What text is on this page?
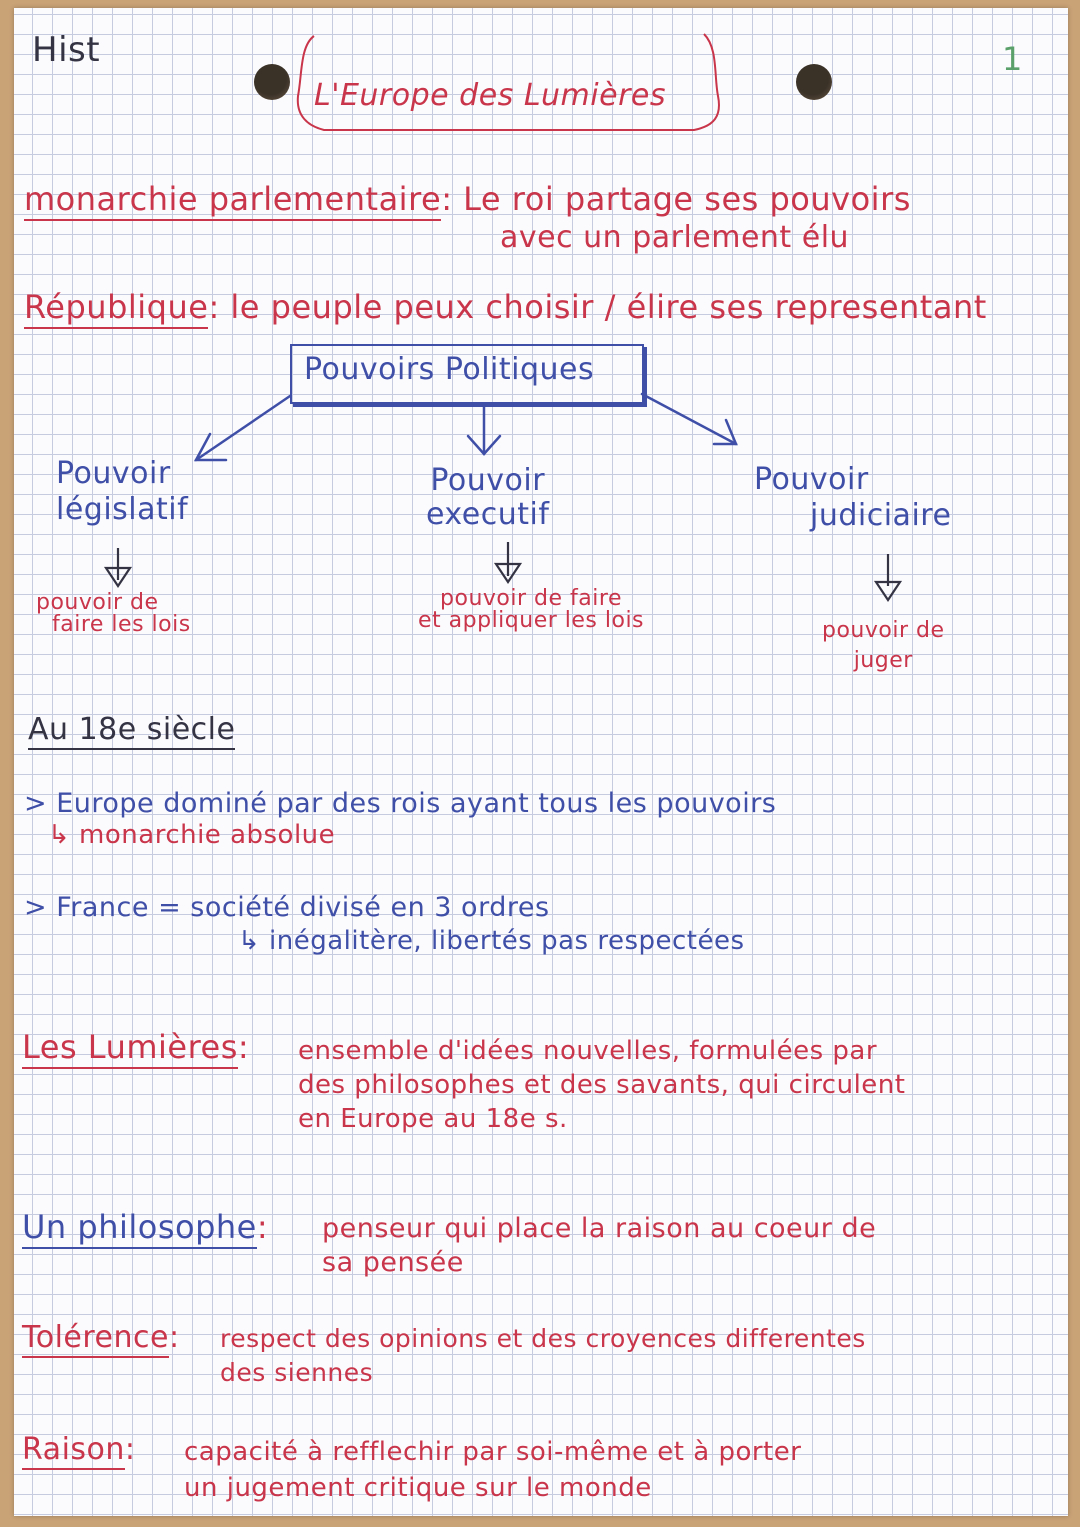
Hist	1
L'Europe des Lumières
monarchie parlementaire: Le roi partage ses pouvoirs
avec un parlement élu
République: le peuple peux choisir / élire ses representant
Pouvoirs Politiques
Pouvoir
législatif
pouvoir de
faire les lois
Pouvoir
executif
pouvoir de faire
et appliquer les lois
Pouvoir
judiciaire
pouvoir de
juger
Au 18e siècle
> Europe dominé par des rois ayant tous les pouvoirs
↳ monarchie absolue
> France = société divisé en 3 ordres
↳ inégalitère, libertés pas respectées
Les Lumières: ensemble d'idées nouvelles, formulées par
des philosophes et des savants, qui circulent
en Europe au 18e s.
Un philosophe: penseur qui place la raison au coeur de
sa pensée
Tolérence: respect des opinions et des croyences differentes
des siennes
Raison: capacité à refflechir par soi-même et à porter
un jugement critique sur le monde
